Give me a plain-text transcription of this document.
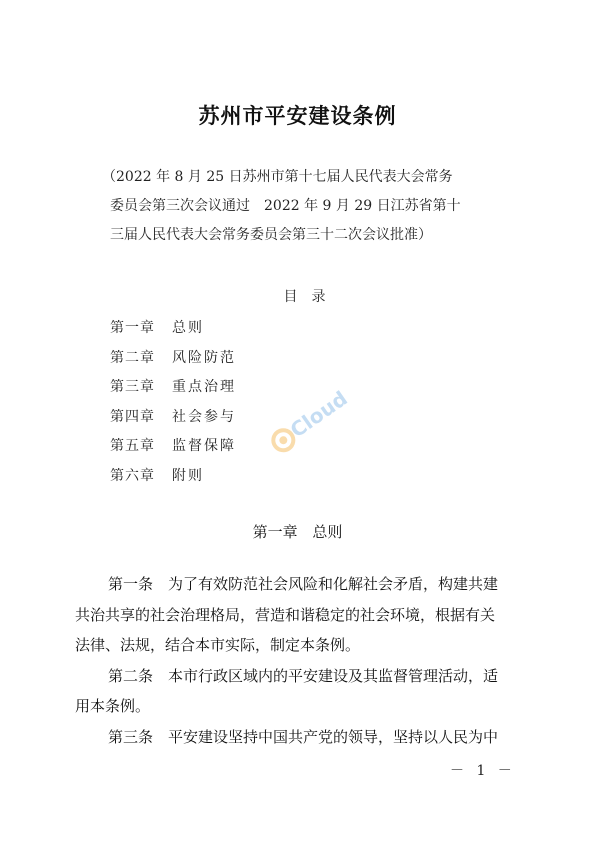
苏州市平安建设条例
（2022 年 8 月 25 日苏州市第十七届人民代表大会常务
委员会第三次会议通过　2022 年 9 月 29 日江苏省第十
三届人民代表大会常务委员会第三十二次会议批准）
目录
第一章 总则
第二章 风险防范
第三章 重点治理
第四章 社会参与
第五章 监督保障
第六章 附则
Cloud
第一章 总则
第一条　为了有效防范社会风险和化解社会矛盾，构建共建
共治共享的社会治理格局，营造和谐稳定的社会环境，根据有关
法律、法规，结合本市实际，制定本条例。
第二条　本市行政区域内的平安建设及其监督管理活动，适
用本条例。
第三条　平安建设坚持中国共产党的领导，坚持以人民为中
－ 1 －
